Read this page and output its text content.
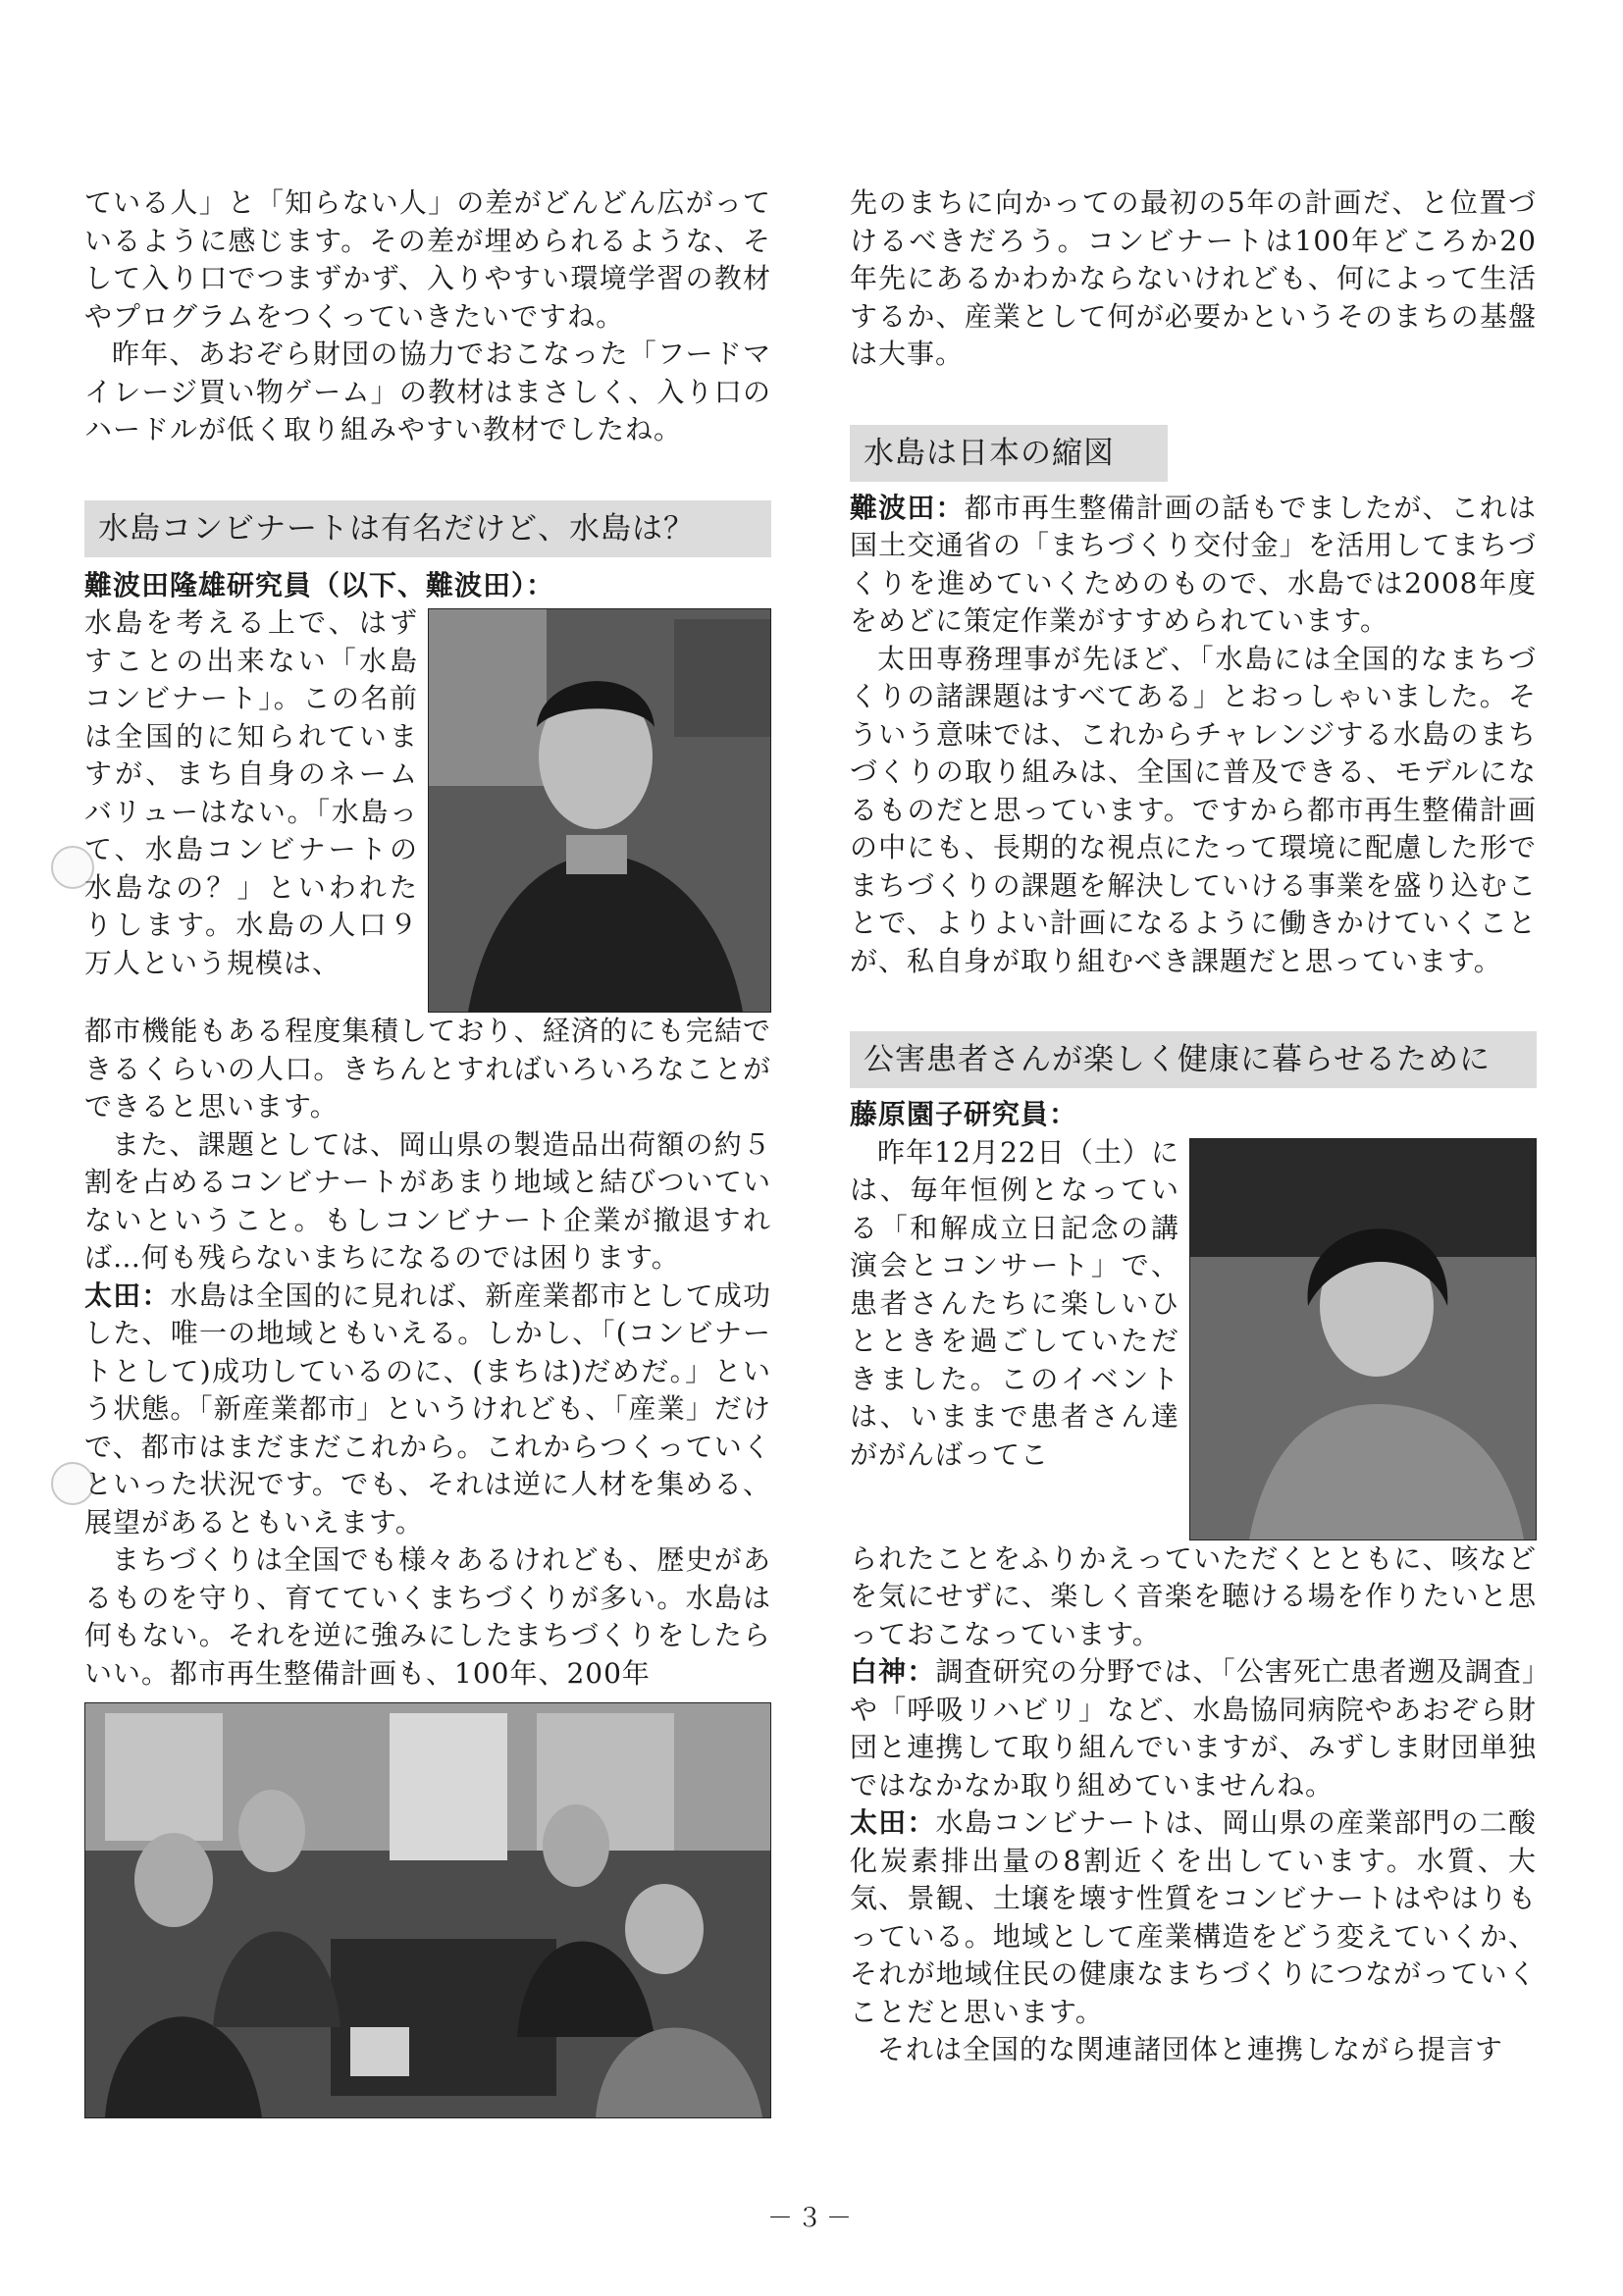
ている人」と「知らない人」の差がどんどん広がっているように感じます。その差が埋められるような、そして入り口でつまずかず、入りやすい環境学習の教材やプログラムをつくっていきたいですね。

昨年、あおぞら財団の協力でおこなった「フードマイレージ買い物ゲーム」の教材はまさしく、入り口のハードルが低く取り組みやすい教材でしたね。

水島コンビナートは有名だけど、水島は？

難波田隆雄研究員（以下、難波田）：

水島を考える上で、はずすことの出来ない「水島コンビナート」。この名前は全国的に知られていますが、まち自身のネームバリューはない。「水島って、水島コンビナートの水島なの？」といわれたりします。水島の人口９万人という規模は、

都市機能もある程度集積しており、経済的にも完結できるくらいの人口。きちんとすればいろいろなことができると思います。

また、課題としては、岡山県の製造品出荷額の約５割を占めるコンビナートがあまり地域と結びついていないということ。もしコンビナート企業が撤退すれば…何も残らないまちになるのでは困ります。

太田：水島は全国的に見れば、新産業都市として成功した、唯一の地域ともいえる。しかし、「(コンビナートとして)成功しているのに、(まちは)だめだ。」という状態。「新産業都市」というけれども、「産業」だけで、都市はまだまだこれから。これからつくっていくといった状況です。でも、それは逆に人材を集める、展望があるともいえます。

まちづくりは全国でも様々あるけれども、歴史があるものを守り、育てていくまちづくりが多い。水島は何もない。それを逆に強みにしたまちづくりをしたらいい。都市再生整備計画も、100年、200年

先のまちに向かっての最初の5年の計画だ、と位置づけるべきだろう。コンビナートは100年どころか20年先にあるかわかならないけれども、何によって生活するか、産業として何が必要かというそのまちの基盤は大事。

水島は日本の縮図

難波田：都市再生整備計画の話もでましたが、これは国土交通省の「まちづくり交付金」を活用してまちづくりを進めていくためのもので、水島では2008年度をめどに策定作業がすすめられています。

太田専務理事が先ほど、「水島には全国的なまちづくりの諸課題はすべてある」とおっしゃいました。そういう意味では、これからチャレンジする水島のまちづくりの取り組みは、全国に普及できる、モデルになるものだと思っています。ですから都市再生整備計画の中にも、長期的な視点にたって環境に配慮した形でまちづくりの課題を解決していける事業を盛り込むことで、よりよい計画になるように働きかけていくことが、私自身が取り組むべき課題だと思っています。

公害患者さんが楽しく健康に暮らせるために

藤原園子研究員：

昨年12月22日（土）には、毎年恒例となっている「和解成立日記念の講演会とコンサート」で、患者さんたちに楽しいひとときを過ごしていただきました。このイベントは、いままで患者さん達ががんばってこ

られたことをふりかえっていただくとともに、咳などを気にせずに、楽しく音楽を聴ける場を作りたいと思っておこなっています。

白神：調査研究の分野では、「公害死亡患者遡及調査」や「呼吸リハビリ」など、水島協同病院やあおぞら財団と連携して取り組んでいますが、みずしま財団単独ではなかなか取り組めていませんね。

太田：水島コンビナートは、岡山県の産業部門の二酸化炭素排出量の8割近くを出しています。水質、大気、景観、土壌を壊す性質をコンビナートはやはりもっている。地域として産業構造をどう変えていくか、それが地域住民の健康なまちづくりにつながっていくことだと思います。

それは全国的な関連諸団体と連携しながら提言す

－３－
